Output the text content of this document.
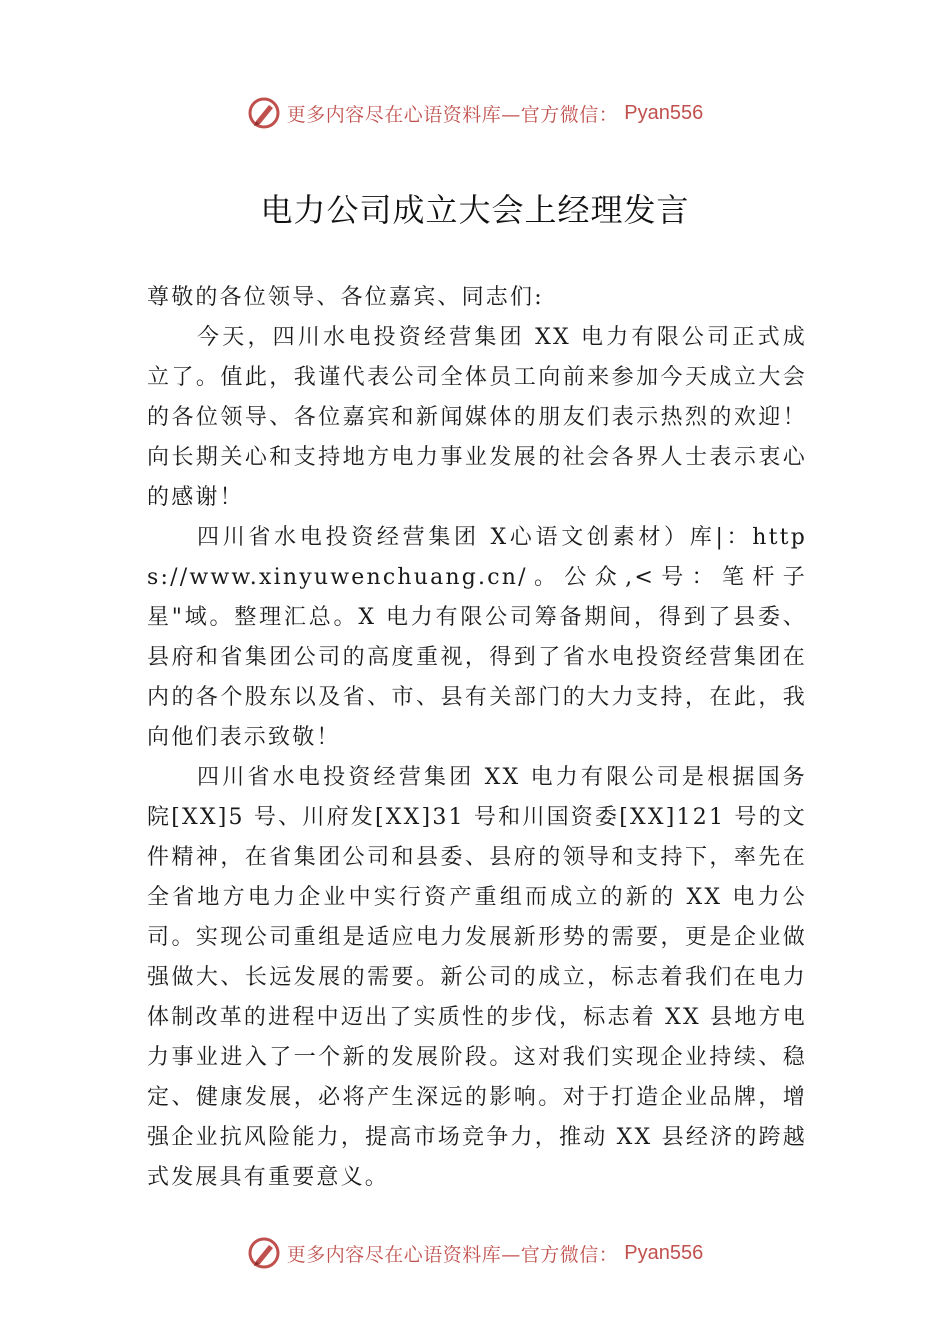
更多内容尽在心语资料库—官方微信： Pyan556
电力公司成立大会上经理发言

尊敬的各位领导、各位嘉宾、同志们:

今天，四川水电投资经营集团 XX 电力有限公司正式成立了。值此，我谨代表公司全体员工向前来参加今天成立大会的各位领导、各位嘉宾和新闻媒体的朋友们表示热烈的欢迎！向长期关心和支持地方电力事业发展的社会各界人士表示衷心的感谢！

四川省水电投资经营集团 X心语文创素材）库|：https://www.xinyuwenchuang.cn/。公众,<号：笔杆子星"域。整理汇总。X 电力有限公司筹备期间，得到了县委、县府和省集团公司的高度重视，得到了省水电投资经营集团在内的各个股东以及省、市、县有关部门的大力支持，在此，我向他们表示致敬！

四川省水电投资经营集团 XX 电力有限公司是根据国务院[XX]5 号、川府发[XX]31 号和川国资委[XX]121 号的文件精神，在省集团公司和县委、县府的领导和支持下，率先在全省地方电力企业中实行资产重组而成立的新的 XX 电力公司。实现公司重组是适应电力发展新形势的需要，更是企业做强做大、长远发展的需要。新公司的成立，标志着我们在电力体制改革的进程中迈出了实质性的步伐，标志着 XX 县地方电力事业进入了一个新的发展阶段。这对我们实现企业持续、稳定、健康发展，必将产生深远的影响。对于打造企业品牌，增强企业抗风险能力，提高市场竞争力，推动 XX 县经济的跨越式发展具有重要意义。

更多内容尽在心语资料库—官方微信： Pyan556
